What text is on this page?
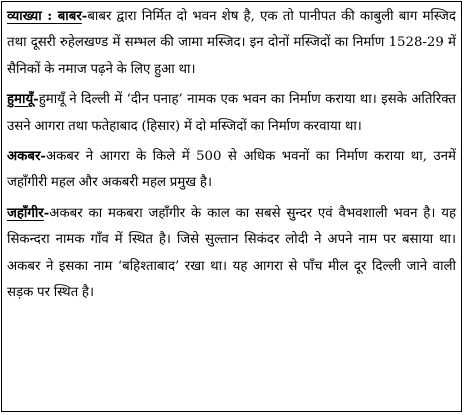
व्याख्या : बाबर-बाबर द्वारा निर्मित दो भवन शेष है, एक तो पानीपत की काबुली बाग मस्जिद तथा दूसरी रुहेलखण्ड में सम्भल की जामा मस्जिद। इन दोनों मस्जिदों का निर्माण 1528-29 में सैनिकों के नमाज पढ़ने के लिए हुआ था।

हुमायूँ-हुमायूँ ने दिल्ली में ‘दीन पनाह’ नामक एक भवन का निर्माण कराया था। इसके अतिरिक्त उसने आगरा तथा फतेहाबाद (हिसार) में दो मस्जिदों का निर्माण करवाया था।

अकबर-अकबर ने आगरा के किले में 500 से अधिक भवनों का निर्माण कराया था, उनमें जहाँगीरी महल और अकबरी महल प्रमुख है।

जहाँगीर-अकबर का मकबरा जहाँगीर के काल का सबसे सुन्दर एवं वैभवशाली भवन है। यह सिकन्दरा नामक गाँव में स्थित है। जिसे सुल्तान सिकंदर लोदी ने अपने नाम पर बसाया था। अकबर ने इसका नाम ‘बहिश्ताबाद’ रखा था। यह आगरा से पाँच मील दूर दिल्ली जाने वाली सड़क पर स्थित है।
